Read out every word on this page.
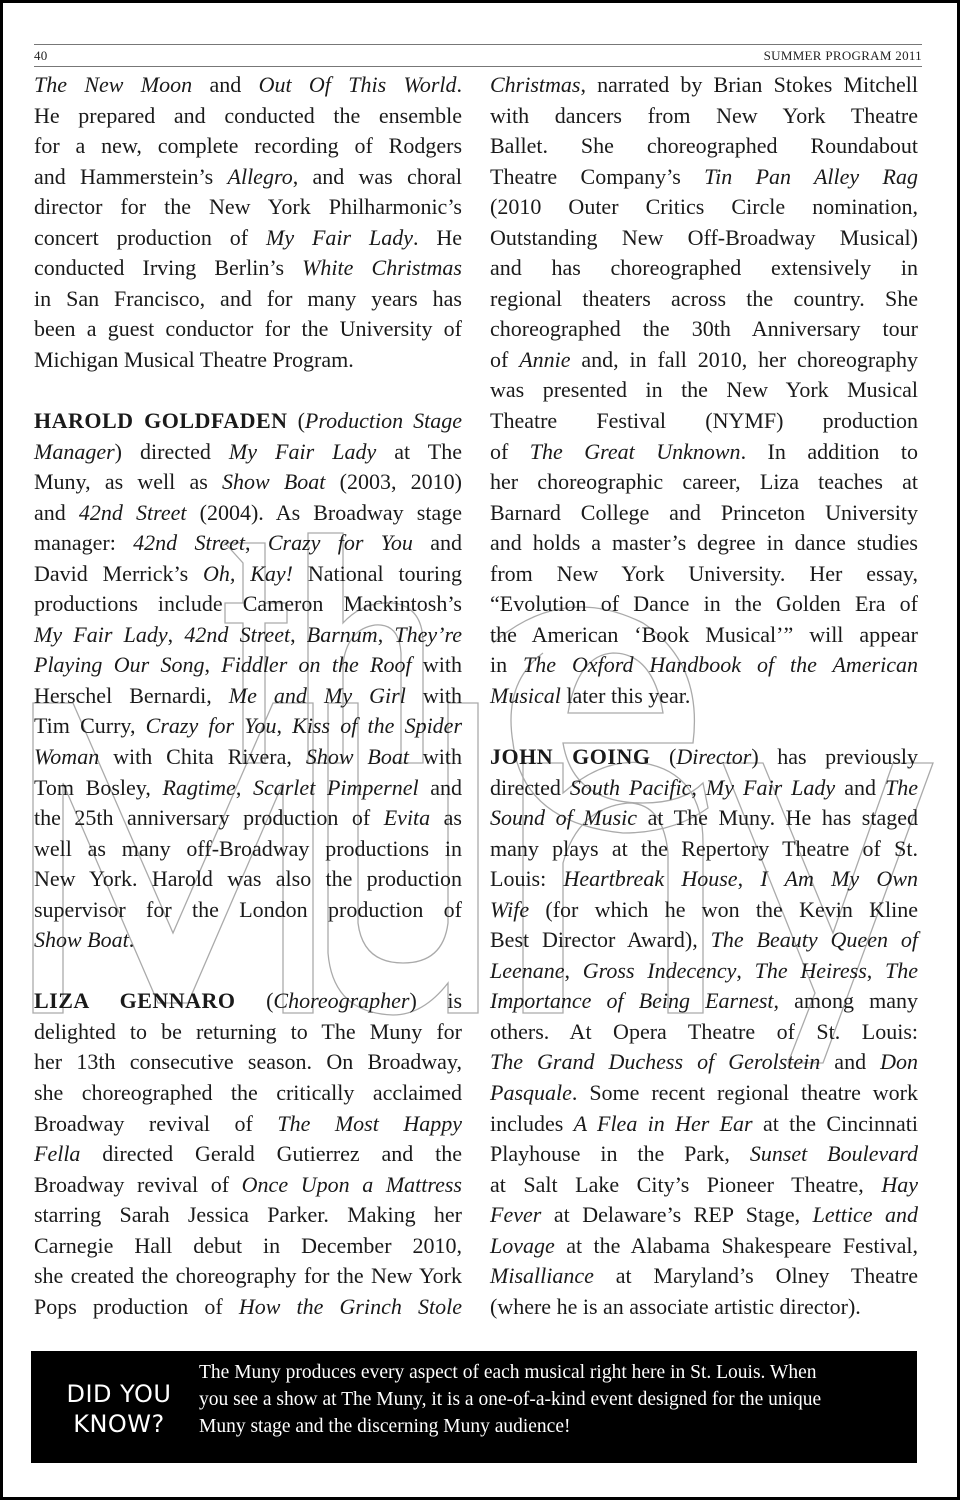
40	SUMMER PROGRAM 2011

The New Moon and Out Of This World.
He prepared and conducted the ensemble
for a new, complete recording of Rodgers
and Hammerstein’s Allegro, and was choral
director for the New York Philharmonic’s
concert production of My Fair Lady. He
conducted Irving Berlin’s White Christmas
in San Francisco, and for many years has
been a guest conductor for the University of
Michigan Musical Theatre Program.

HAROLD GOLDFADEN (Production Stage
Manager) directed My Fair Lady at The
Muny, as well as Show Boat (2003, 2010)
and 42nd Street (2004). As Broadway stage
manager: 42nd Street, Crazy for You and
David Merrick’s Oh, Kay! National touring
productions include Cameron Mackintosh’s
My Fair Lady, 42nd Street, Barnum, They’re
Playing Our Song, Fiddler on the Roof with
Herschel Bernardi, Me and My Girl with
Tim Curry, Crazy for You, Kiss of the Spider
Woman with Chita Rivera, Show Boat with
Tom Bosley, Ragtime, Scarlet Pimpernel and
the 25th anniversary production of Evita as
well as many off-Broadway productions in
New York. Harold was also the production
supervisor for the London production of
Show Boat.

LIZA GENNARO (Choreographer) is
delighted to be returning to The Muny for
her 13th consecutive season. On Broadway,
she choreographed the critically acclaimed
Broadway revival of The Most Happy
Fella directed Gerald Gutierrez and the
Broadway revival of Once Upon a Mattress
starring Sarah Jessica Parker. Making her
Carnegie Hall debut in December 2010,
she created the choreography for the New York
Pops production of How the Grinch Stole

Christmas, narrated by Brian Stokes Mitchell
with dancers from New York Theatre
Ballet. She choreographed Roundabout
Theatre Company’s Tin Pan Alley Rag
(2010 Outer Critics Circle nomination,
Outstanding New Off-Broadway Musical)
and has choreographed extensively in
regional theaters across the country. She
choreographed the 30th Anniversary tour
of Annie and, in fall 2010, her choreography
was presented in the New York Musical
Theatre Festival (NYMF) production
of The Great Unknown. In addition to
her choreographic career, Liza teaches at
Barnard College and Princeton University
and holds a master’s degree in dance studies
from New York University. Her essay,
“Evolution of Dance in the Golden Era of
the American ‘Book Musical’” will appear
in The Oxford Handbook of the American
Musical later this year.

JOHN GOING (Director) has previously
directed South Pacific, My Fair Lady and The
Sound of Music at The Muny. He has staged
many plays at the Repertory Theatre of St.
Louis: Heartbreak House, I Am My Own
Wife (for which he won the Kevin Kline
Best Director Award), The Beauty Queen of
Leenane, Gross Indecency, The Heiress, The
Importance of Being Earnest, among many
others. At Opera Theatre of St. Louis:
The Grand Duchess of Gerolstein and Don
Pasquale. Some recent regional theatre work
includes A Flea in Her Ear at the Cincinnati
Playhouse in the Park, Sunset Boulevard
at Salt Lake City’s Pioneer Theatre, Hay
Fever at Delaware’s REP Stage, Lettice and
Lovage at the Alabama Shakespeare Festival,
Misalliance at Maryland’s Olney Theatre
(where he is an associate artistic director).

DID YOU
KNOW?
The Muny produces every aspect of each musical right here in St. Louis. When
you see a show at The Muny, it is a one-of-a-kind event designed for the unique
Muny stage and the discerning Muny audience!
